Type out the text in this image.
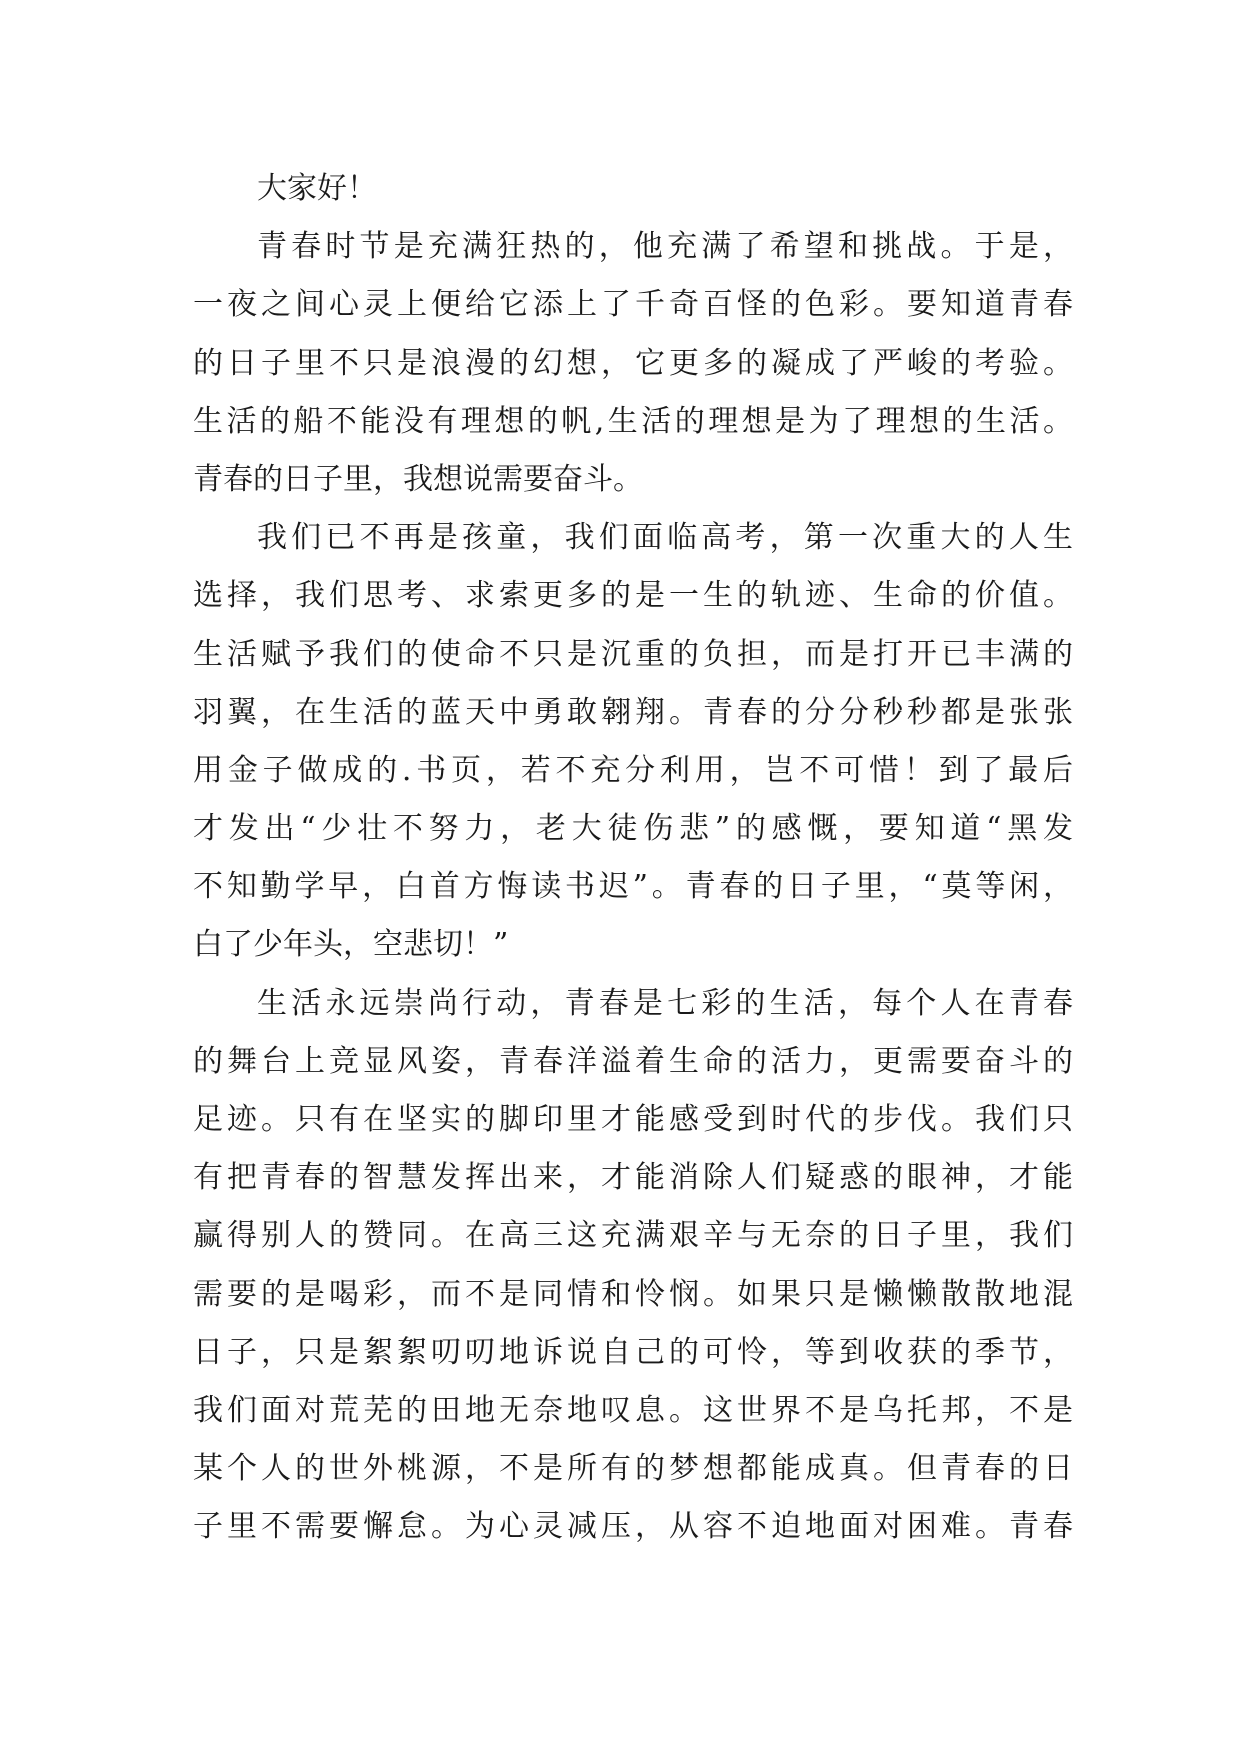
大家好！
青春时节是充满狂热的，他充满了希望和挑战。于是，
一夜之间心灵上便给它添上了千奇百怪的色彩。要知道青春
的日子里不只是浪漫的幻想，它更多的凝成了严峻的考验。
生活的船不能没有理想的帆,生活的理想是为了理想的生活。
青春的日子里，我想说需要奋斗。
我们已不再是孩童，我们面临高考，第一次重大的人生
选择，我们思考、求索更多的是一生的轨迹、生命的价值。
生活赋予我们的使命不只是沉重的负担，而是打开已丰满的
羽翼，在生活的蓝天中勇敢翱翔。青春的分分秒秒都是张张
用金子做成的.书页，若不充分利用，岂不可惜！到了最后
才发出“少壮不努力，老大徒伤悲”的感慨，要知道“黑发
不知勤学早，白首方悔读书迟”。青春的日子里，“莫等闲，
白了少年头，空悲切！”
生活永远崇尚行动，青春是七彩的生活，每个人在青春
的舞台上竞显风姿，青春洋溢着生命的活力，更需要奋斗的
足迹。只有在坚实的脚印里才能感受到时代的步伐。我们只
有把青春的智慧发挥出来，才能消除人们疑惑的眼神，才能
赢得别人的赞同。在高三这充满艰辛与无奈的日子里，我们
需要的是喝彩，而不是同情和怜悯。如果只是懒懒散散地混
日子，只是絮絮叨叨地诉说自己的可怜，等到收获的季节，
我们面对荒芜的田地无奈地叹息。这世界不是乌托邦，不是
某个人的世外桃源，不是所有的梦想都能成真。但青春的日
子里不需要懈怠。为心灵减压，从容不迫地面对困难。青春
